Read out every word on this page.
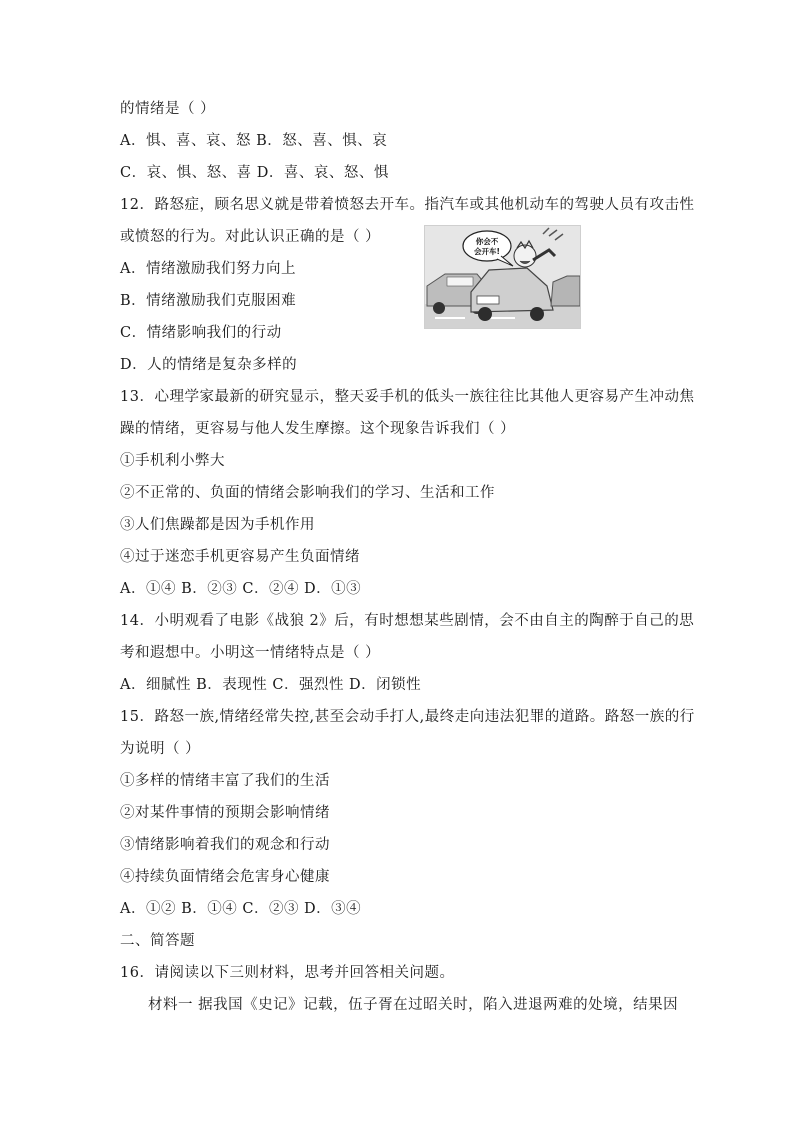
的情绪是（ ）
A．惧、喜、哀、怒 B．怒、喜、惧、哀
C．哀、惧、怒、喜 D．喜、哀、怒、惧
12．路怒症，顾名思义就是带着愤怒去开车。指汽车或其他机动车的驾驶人员有攻击性
或愤怒的行为。对此认识正确的是（ ）
A．情绪激励我们努力向上
B．情绪激励我们克服困难
C．情绪影响我们的行动
D．人的情绪是复杂多样的
你会不
会开车!
13．心理学家最新的研究显示，整天妥手机的低头一族往往比其他人更容易产生冲动焦
躁的情绪，更容易与他人发生摩擦。这个现象告诉我们（ ）
①手机利小弊大
②不正常的、负面的情绪会影响我们的学习、生活和工作
③人们焦躁都是因为手机作用
④过于迷恋手机更容易产生负面情绪
A．①④ B．②③ C．②④ D．①③
14．小明观看了电影《战狼 2》后，有时想想某些剧情，会不由自主的陶醉于自己的思
考和遐想中。小明这一情绪特点是（ ）
A．细腻性 B．表现性 C．强烈性 D．闭锁性
15．路怒一族,情绪经常失控,甚至会动手打人,最终走向违法犯罪的道路。路怒一族的行
为说明（ ）
①多样的情绪丰富了我们的生活
②对某件事情的预期会影响情绪
③情绪影响着我们的观念和行动
④持续负面情绪会危害身心健康
A．①② B．①④ C．②③ D．③④
二、简答题
16．请阅读以下三则材料，思考并回答相关问题。
材料一 据我国《史记》记载，伍子胥在过昭关时，陷入进退两难的处境，结果因
